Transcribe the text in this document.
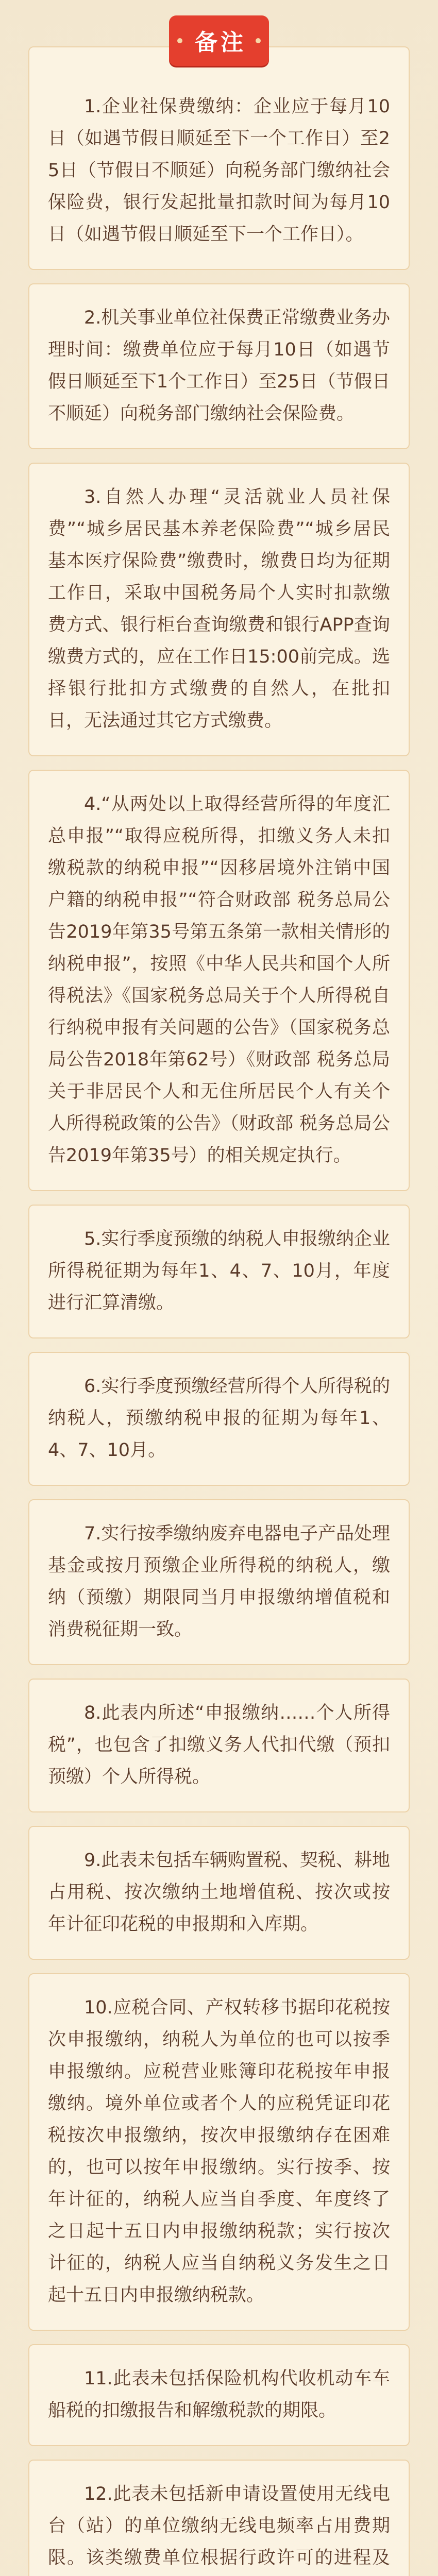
备注

1.企业社保费缴纳：企业应于每月10日（如遇节假日顺延至下一个工作日）至25日（节假日不顺延）向税务部门缴纳社会保险费，银行发起批量扣款时间为每月10日（如遇节假日顺延至下一个工作日）。

2.机关事业单位社保费正常缴费业务办理时间：缴费单位应于每月10日（如遇节假日顺延至下1个工作日）至25日（节假日不顺延）向税务部门缴纳社会保险费。

3.自然人办理“灵活就业人员社保费”“城乡居民基本养老保险费”“城乡居民基本医疗保险费”缴费时，缴费日均为征期工作日，采取中国税务局个人实时扣款缴费方式、银行柜台查询缴费和银行APP查询缴费方式的，应在工作日15:00前完成。选择银行批扣方式缴费的自然人，在批扣日，无法通过其它方式缴费。

4.“从两处以上取得经营所得的年度汇总申报”“取得应税所得，扣缴义务人未扣缴税款的纳税申报”“因移居境外注销中国户籍的纳税申报”“符合财政部 税务总局公告2019年第35号第五条第一款相关情形的纳税申报”，按照《中华人民共和国个人所得税法》《国家税务总局关于个人所得税自行纳税申报有关问题的公告》（国家税务总局公告2018年第62号）《财政部 税务总局关于非居民个人和无住所居民个人有关个人所得税政策的公告》（财政部 税务总局公告2019年第35号）的相关规定执行。

5.实行季度预缴的纳税人申报缴纳企业所得税征期为每年1、4、7、10月，年度进行汇算清缴。

6.实行季度预缴经营所得个人所得税的纳税人，预缴纳税申报的征期为每年1、4、7、10月。

7.实行按季缴纳废弃电器电子产品处理基金或按月预缴企业所得税的纳税人，缴纳（预缴）期限同当月申报缴纳增值税和消费税征期一致。

8.此表内所述“申报缴纳……个人所得税”，也包含了扣缴义务人代扣代缴（预扣预缴）个人所得税。

9.此表未包括车辆购置税、契税、耕地占用税、按次缴纳土地增值税、按次或按年计征印花税的申报期和入库期。

10.应税合同、产权转移书据印花税按次申报缴纳，纳税人为单位的也可以按季申报缴纳。应税营业账簿印花税按年申报缴纳。境外单位或者个人的应税凭证印花税按次申报缴纳，按次申报缴纳存在困难的，也可以按年申报缴纳。实行按季、按年计征的，纳税人应当自季度、年度终了之日起十五日内申报缴纳税款；实行按次计征的，纳税人应当自纳税义务发生之日起十五日内申报缴纳税款。

11.此表未包括保险机构代收机动车车船税的扣缴报告和解缴税款的期限。

12.此表未包括新申请设置使用无线电台（站）的单位缴纳无线电频率占用费期限。该类缴费单位根据行政许可的进程及
